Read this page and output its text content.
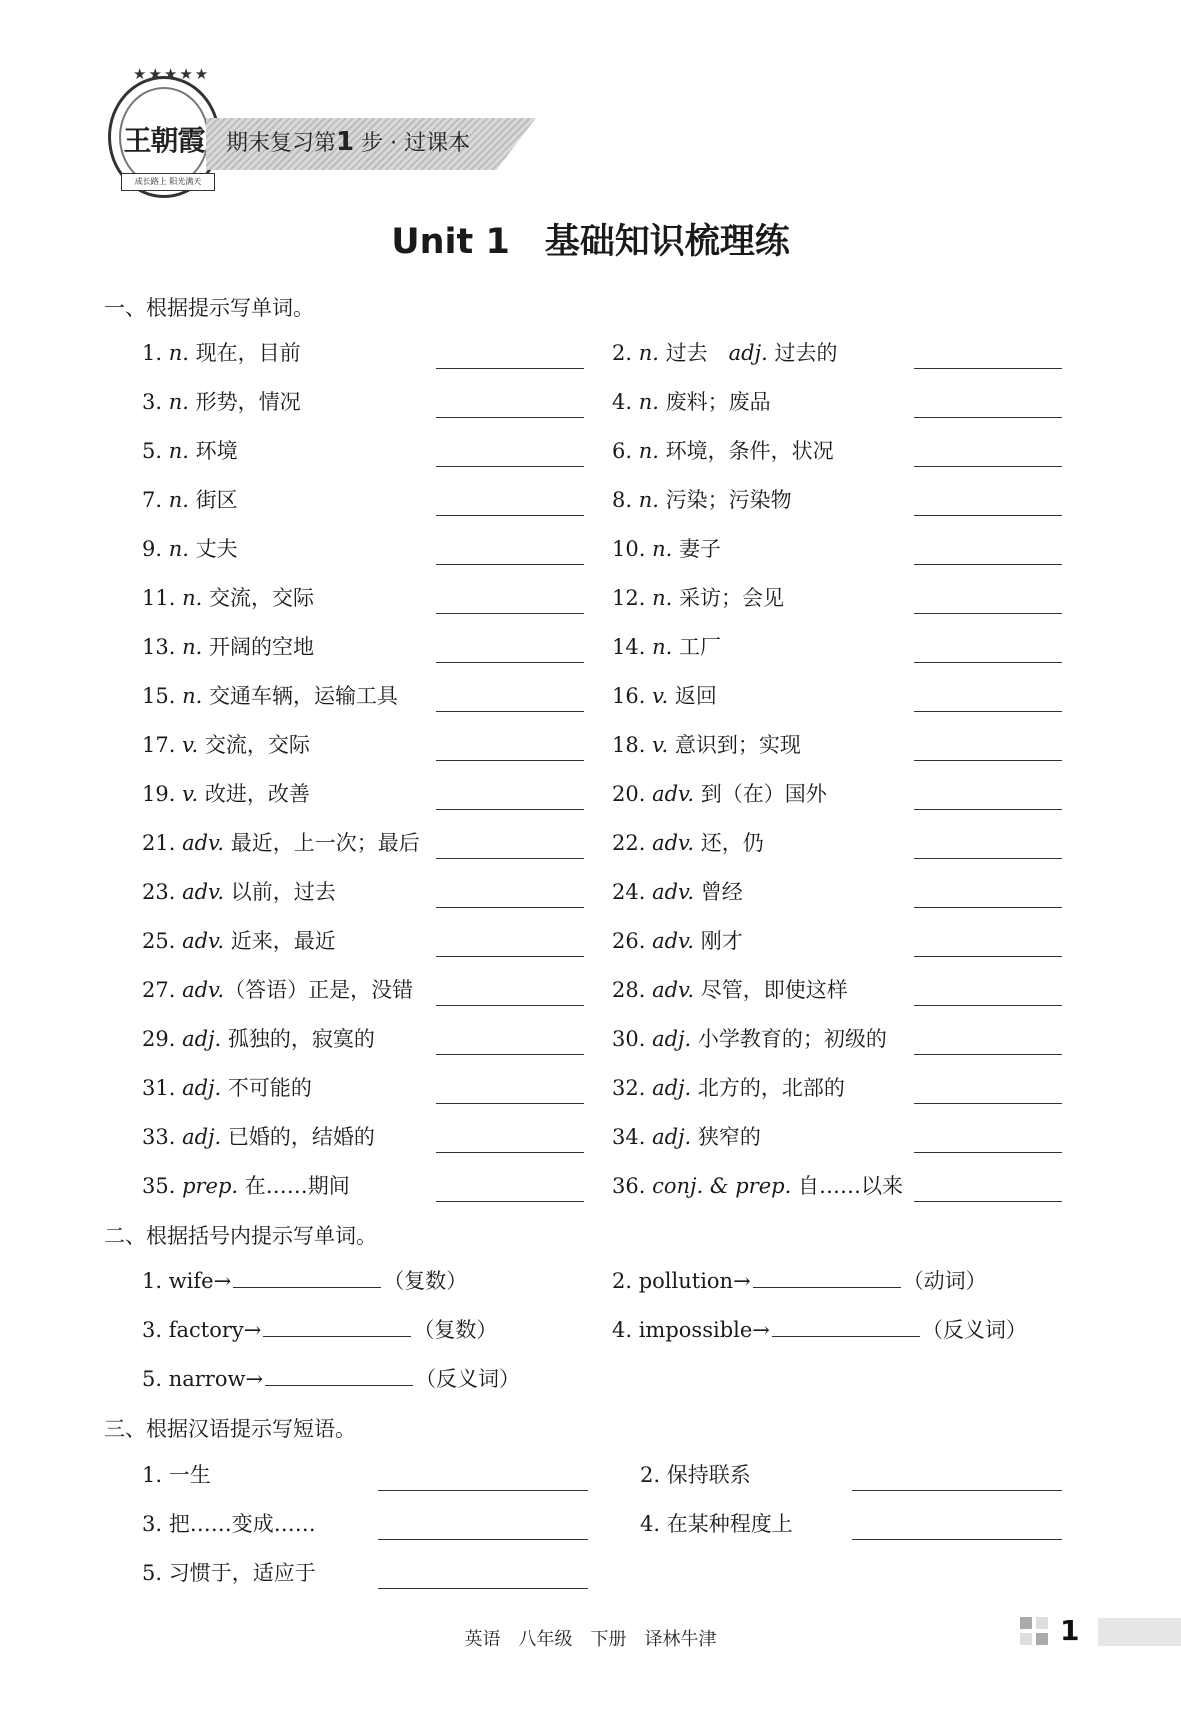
★★★★★
王朝霞
成长路上 阳光满天
期末复习第1 步 · 过课本
Unit 1　基础知识梳理练
一、根据提示写单词。
1. n. 现在，目前	2. n. 过去　adj. 过去的
3. n. 形势，情况	4. n. 废料；废品
5. n. 环境	6. n. 环境，条件，状况
7. n. 街区	8. n. 污染；污染物
9. n. 丈夫	10. n. 妻子
11. n. 交流，交际	12. n. 采访；会见
13. n. 开阔的空地	14. n. 工厂
15. n. 交通车辆，运输工具	16. v. 返回
17. v. 交流，交际	18. v. 意识到；实现
19. v. 改进，改善	20. adv. 到（在）国外
21. adv. 最近，上一次；最后	22. adv. 还，仍
23. adv. 以前，过去	24. adv. 曾经
25. adv. 近来，最近	26. adv. 刚才
27. adv.（答语）正是，没错	28. adv. 尽管，即使这样
29. adj. 孤独的，寂寞的	30. adj. 小学教育的；初级的
31. adj. 不可能的	32. adj. 北方的，北部的
33. adj. 已婚的，结婚的	34. adj. 狭窄的
35. prep. 在……期间	36. conj. & prep. 自……以来
二、根据括号内提示写单词。
1. wife→	（复数）	2. pollution→	（动词）
3. factory→	（复数）	4. impossible→	（反义词）
5. narrow→	（反义词）
三、根据汉语提示写短语。
1. 一生	2. 保持联系
3. 把……变成……	4. 在某种程度上
5. 习惯于，适应于
英语　八年级　下册　译林牛津	1
